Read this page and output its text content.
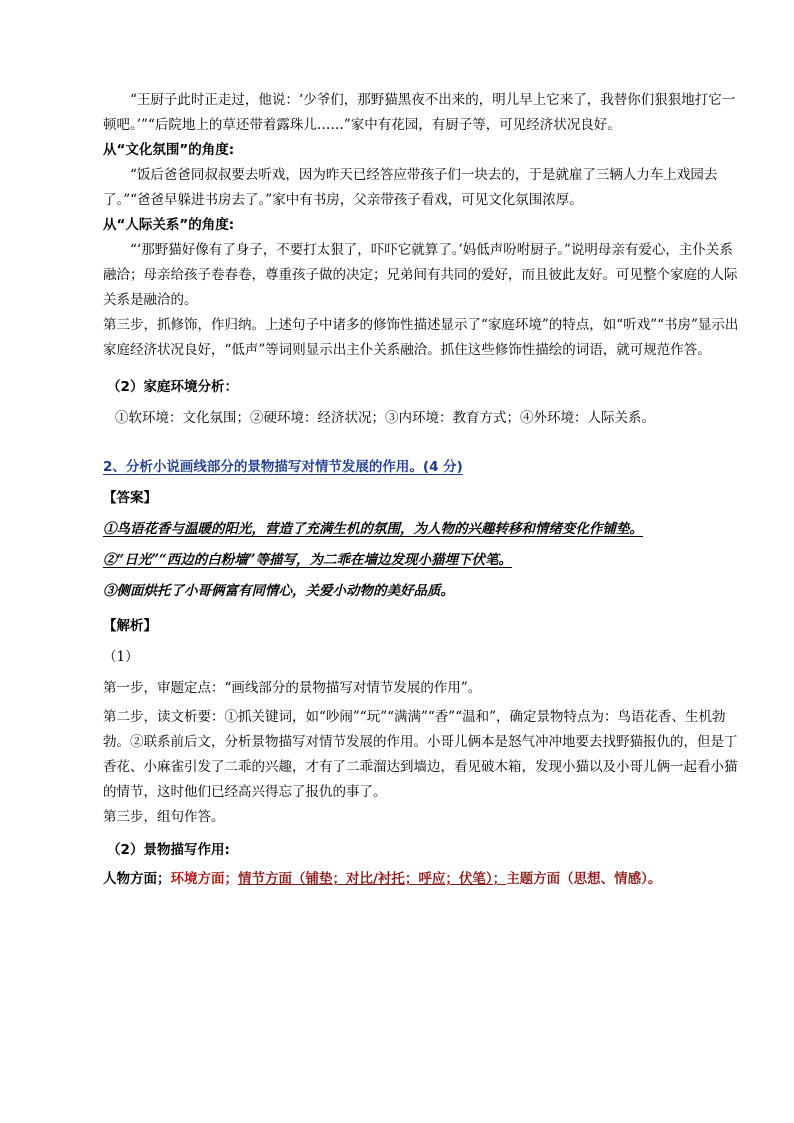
“王厨子此时正走过，他说：‘少爷们，那野猫黑夜不出来的，明儿早上它来了，我替你们狠狠地打它一顿吧。’”“后院地上的草还带着露珠儿……”家中有花园，有厨子等，可见经济状况良好。

从“文化氛围”的角度:

“饭后爸爸同叔叔要去听戏，因为昨天已经答应带孩子们一块去的，于是就雇了三辆人力车上戏园去了。”“爸爸早躲进书房去了。”家中有书房，父亲带孩子看戏，可见文化氛围浓厚。

从“人际关系”的角度:

“‘那野猫好像有了身子，不要打太狠了，吓吓它就算了。’妈低声吩咐厨子。”说明母亲有爱心，主仆关系融洽；母亲给孩子卷春卷，尊重孩子做的决定；兄弟间有共同的爱好，而且彼此友好。可见整个家庭的人际关系是融洽的。

第三步，抓修饰，作归纳。上述句子中诸多的修饰性描述显示了“家庭环境”的特点，如“听戏”“书房”显示出家庭经济状况良好，“低声”等词则显示出主仆关系融洽。抓住这些修饰性描绘的词语，就可规范作答。

（2）家庭环境分析：

①软环境：文化氛围；②硬环境：经济状况；③内环境：教育方式；④外环境：人际关系。

2、分析小说画线部分的景物描写对情节发展的作用。(4 分)

【答案】

①鸟语花香与温暖的阳光，营造了充满生机的氛围，为人物的兴趣转移和情绪变化作铺垫。

②“日光”“西边的白粉墙”等描写，为二乖在墙边发现小猫埋下伏笔。

③侧面烘托了小哥俩富有同情心，关爱小动物的美好品质。

【解析】

（1）

第一步，审题定点：“画线部分的景物描写对情节发展的作用”。

第二步，读文析要：①抓关键词，如“吵闹”“玩”“满满”“香”“温和”，确定景物特点为：鸟语花香、生机勃勃。②联系前后文，分析景物描写对情节发展的作用。小哥儿俩本是怒气冲冲地要去找野猫报仇的，但是丁香花、小麻雀引发了二乖的兴趣，才有了二乖溜达到墙边，看见破木箱，发现小猫以及小哥儿俩一起看小猫的情节，这时他们已经高兴得忘了报仇的事了。

第三步，组句作答。

（2）景物描写作用:

人物方面；环境方面；情节方面（铺垫；对比/衬托；呼应；伏笔）；主题方面（思想、情感）。
